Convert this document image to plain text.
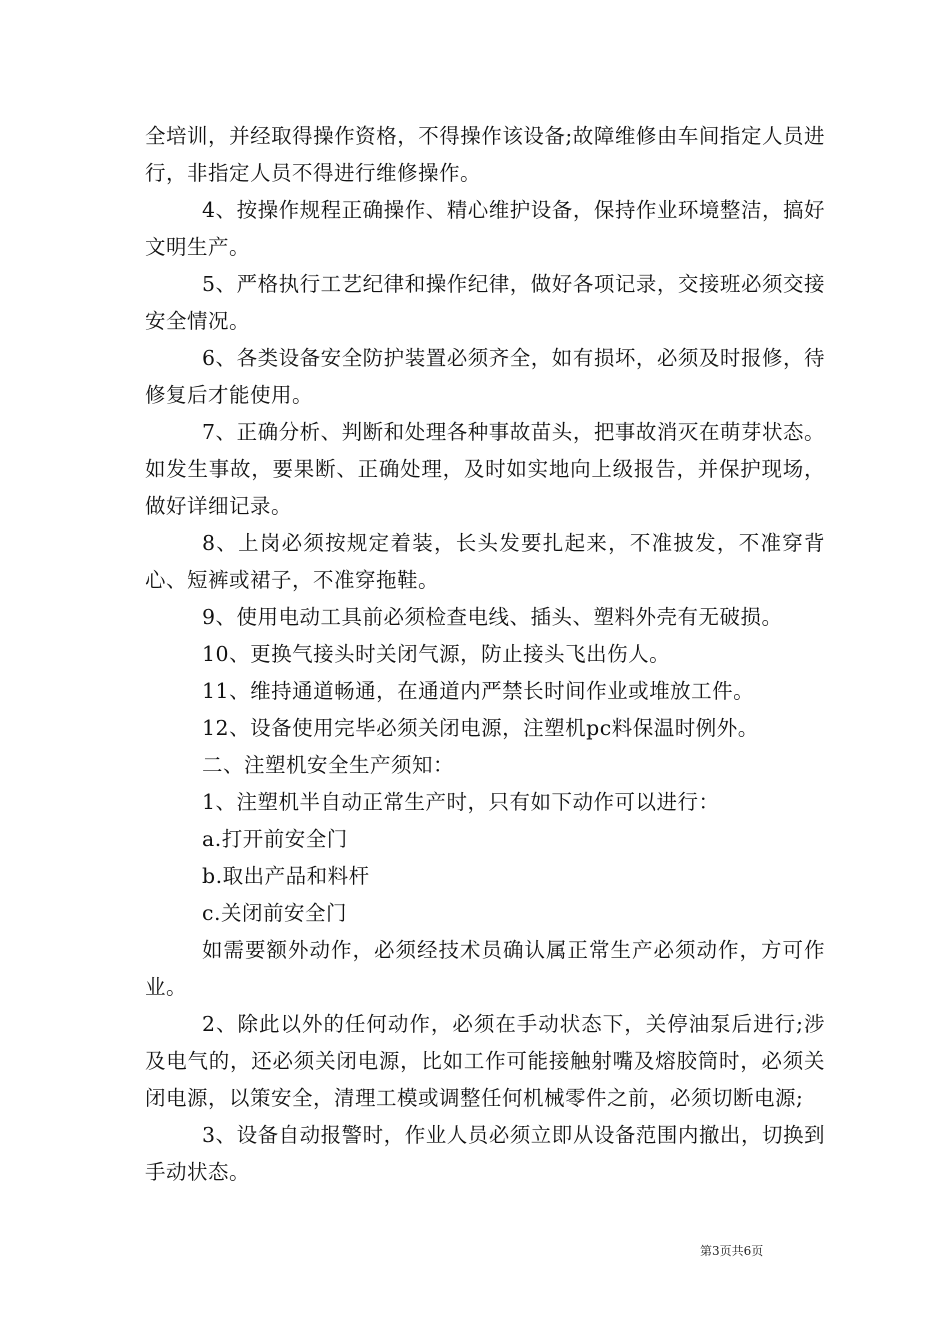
全培训，并经取得操作资格，不得操作该设备;故障维修由车间指定人员进行，非指定人员不得进行维修操作。

4、按操作规程正确操作、精心维护设备，保持作业环境整洁，搞好文明生产。

5、严格执行工艺纪律和操作纪律，做好各项记录，交接班必须交接安全情况。

6、各类设备安全防护装置必须齐全，如有损坏，必须及时报修，待修复后才能使用。

7、正确分析、判断和处理各种事故苗头，把事故消灭在萌芽状态。如发生事故，要果断、正确处理，及时如实地向上级报告，并保护现场，做好详细记录。

8、上岗必须按规定着装，长头发要扎起来，不准披发，不准穿背心、短裤或裙子，不准穿拖鞋。

9、使用电动工具前必须检查电线、插头、塑料外壳有无破损。

10、更换气接头时关闭气源，防止接头飞出伤人。

11、维持通道畅通，在通道内严禁长时间作业或堆放工件。

12、设备使用完毕必须关闭电源，注塑机pc料保温时例外。

二、注塑机安全生产须知：

1、注塑机半自动正常生产时，只有如下动作可以进行：

a.打开前安全门

b.取出产品和料杆

c.关闭前安全门

如需要额外动作，必须经技术员确认属正常生产必须动作，方可作业。

2、除此以外的任何动作，必须在手动状态下，关停油泵后进行;涉及电气的，还必须关闭电源，比如工作可能接触射嘴及熔胶筒时，必须关闭电源，以策安全，清理工模或调整任何机械零件之前，必须切断电源;

3、设备自动报警时，作业人员必须立即从设备范围内撤出，切换到手动状态。

第3页共6页
